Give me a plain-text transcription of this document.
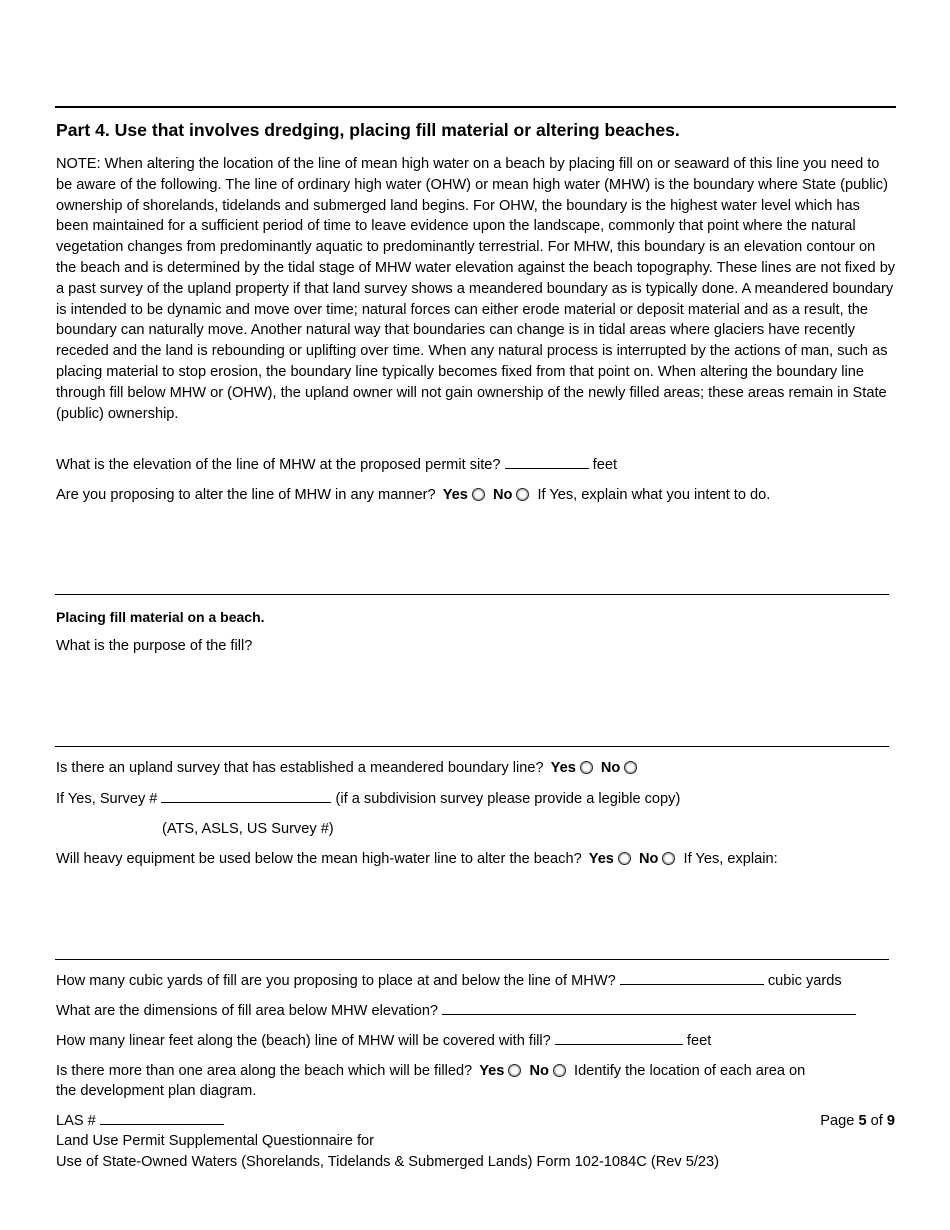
Part 4. Use that involves dredging, placing fill material or altering beaches.
NOTE: When altering the location of the line of mean high water on a beach by placing fill on or seaward of this line you need to be aware of the following. The line of ordinary high water (OHW) or mean high water (MHW) is the boundary where State (public) ownership of shorelands, tidelands and submerged land begins. For OHW, the boundary is the highest water level which has been maintained for a sufficient period of time to leave evidence upon the landscape, commonly that point where the natural vegetation changes from predominantly aquatic to predominantly terrestrial. For MHW, this boundary is an elevation contour on the beach and is determined by the tidal stage of MHW water elevation against the beach topography. These lines are not fixed by a past survey of the upland property if that land survey shows a meandered boundary as is typically done. A meandered boundary is intended to be dynamic and move over time; natural forces can either erode material or deposit material and as a result, the boundary can naturally move. Another natural way that boundaries can change is in tidal areas where glaciers have recently receded and the land is rebounding or uplifting over time. When any natural process is interrupted by the actions of man, such as placing material to stop erosion, the boundary line typically becomes fixed from that point on. When altering the boundary line through fill below MHW or (OHW), the upland owner will not gain ownership of the newly filled areas; these areas remain in State (public) ownership.
What is the elevation of the line of MHW at the proposed permit site?	feet
Are you proposing to alter the line of MHW in any manner? Yes No If Yes, explain what you intent to do.
Placing fill material on a beach.
What is the purpose of the fill?
Is there an upland survey that has established a meandered boundary line? Yes No
If Yes, Survey #	(if a subdivision survey please provide a legible copy)
(ATS, ASLS, US Survey #)
Will heavy equipment be used below the mean high-water line to alter the beach? Yes No If Yes, explain:
How many cubic yards of fill are you proposing to place at and below the line of MHW?	cubic yards
What are the dimensions of fill area below MHW elevation?
How many linear feet along the (beach) line of MHW will be covered with fill?	feet
Is there more than one area along the beach which will be filled? Yes No Identify the location of each area on
the development plan diagram.
LAS #	Page 5 of 9
Land Use Permit Supplemental Questionnaire for
Use of State-Owned Waters (Shorelands, Tidelands & Submerged Lands) Form 102-1084C (Rev 5/23)
